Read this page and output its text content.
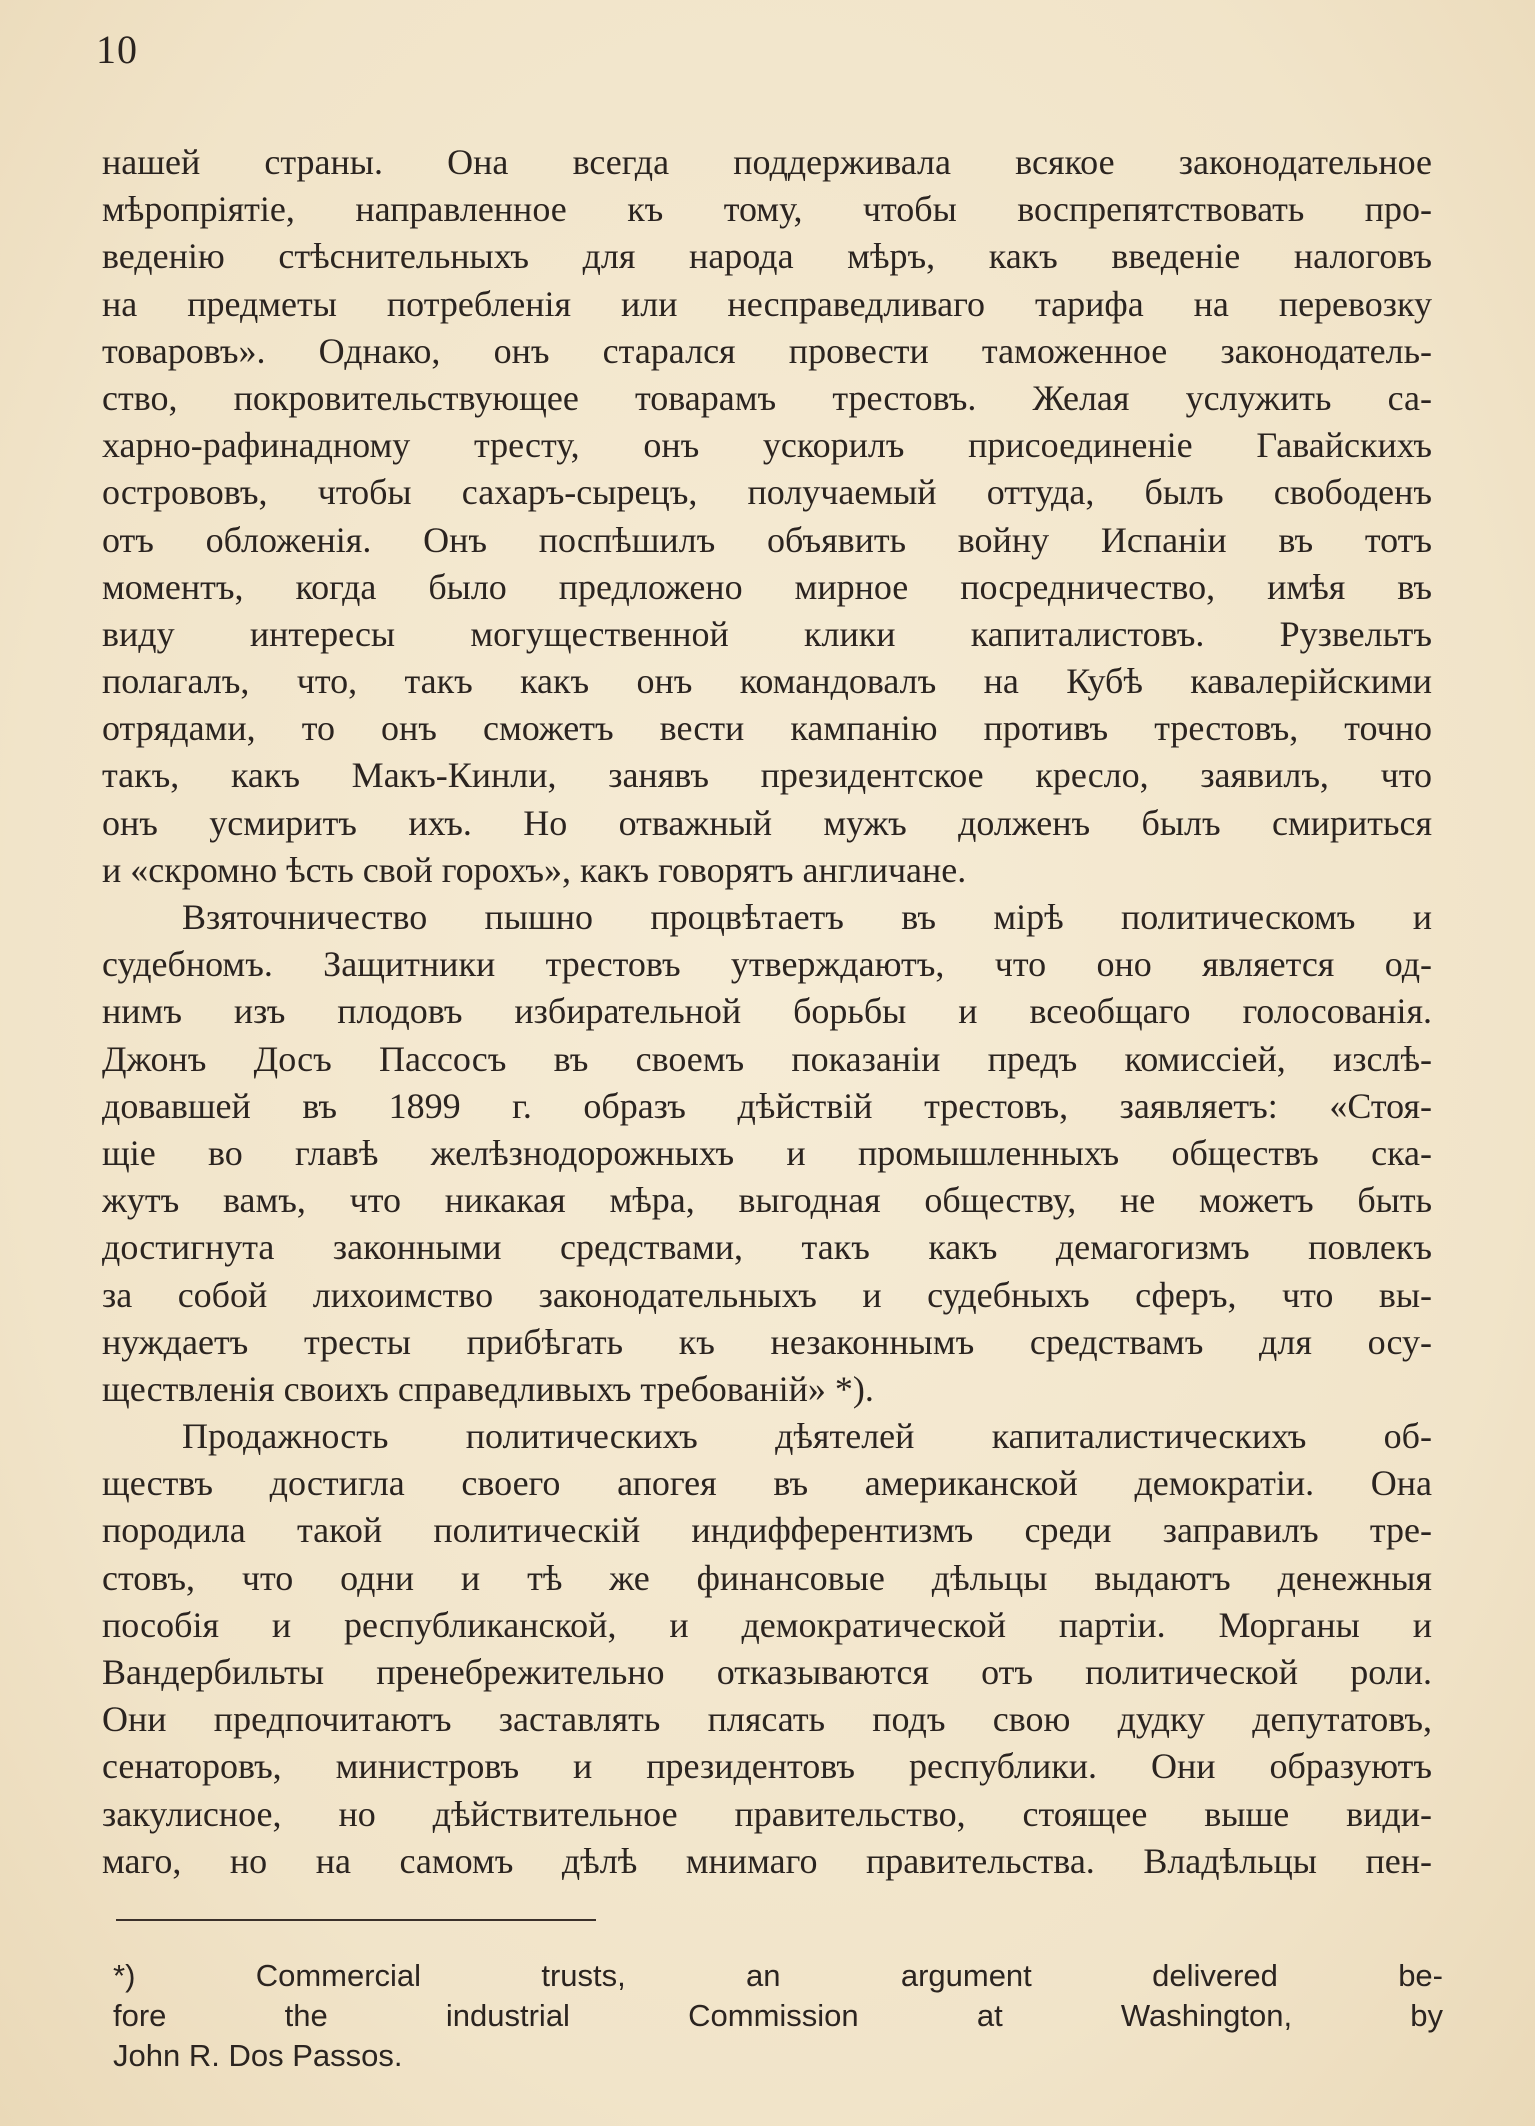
10
нашей страны. Она всегда поддерживала всякое законодательное
мѣропріятіе, направленное къ тому, чтобы воспрепятствовать про-
веденію стѣснительныхъ для народа мѣръ, какъ введеніе налоговъ
на предметы потребленія или несправедливаго тарифа на перевозку
товаровъ». Однако, онъ старался провести таможенное законодатель-
ство, покровительствующее товарамъ трестовъ. Желая услужить са-
харно-рафинадному тресту, онъ ускорилъ присоединеніе Гавайскихъ
острововъ, чтобы сахаръ-сырецъ, получаемый оттуда, былъ свободенъ
отъ обложенія. Онъ поспѣшилъ объявить войну Испаніи въ тотъ
моментъ, когда было предложено мирное посредничество, имѣя въ
виду интересы могущественной клики капиталистовъ. Рузвельтъ
полагалъ, что, такъ какъ онъ командовалъ на Кубѣ кавалерійскими
отрядами, то онъ сможетъ вести кампанію противъ трестовъ, точно
такъ, какъ Макъ-Кинли, занявъ президентское кресло, заявилъ, что
онъ усмиритъ ихъ. Но отважный мужъ долженъ былъ смириться
и «скромно ѣсть свой горохъ», какъ говорятъ англичане.
Взяточничество пышно процвѣтаетъ въ мірѣ политическомъ и
судебномъ. Защитники трестовъ утверждаютъ, что оно является од-
нимъ изъ плодовъ избирательной борьбы и всеобщаго голосованія.
Джонъ Досъ Пассосъ въ своемъ показаніи предъ комиссіей, изслѣ-
довавшей въ 1899 г. образъ дѣйствій трестовъ, заявляетъ: «Стоя-
щіе во главѣ желѣзнодорожныхъ и промышленныхъ обществъ ска-
жутъ вамъ, что никакая мѣра, выгодная обществу, не можетъ быть
достигнута законными средствами, такъ какъ демагогизмъ повлекъ
за собой лихоимство законодательныхъ и судебныхъ сферъ, что вы-
нуждаетъ тресты прибѣгать къ незаконнымъ средствамъ для осу-
ществленія своихъ справедливыхъ требованій» *).
Продажность политическихъ дѣятелей капиталистическихъ об-
ществъ достигла своего апогея въ американской демократіи. Она
породила такой политическій индифферентизмъ среди заправилъ тре-
стовъ, что одни и тѣ же финансовые дѣльцы выдаютъ денежныя
пособія и республиканской, и демократической партіи. Морганы и
Вандербильты пренебрежительно отказываются отъ политической роли.
Они предпочитаютъ заставлять плясать подъ свою дудку депутатовъ,
сенаторовъ, министровъ и президентовъ республики. Они образуютъ
закулисное, но дѣйствительное правительство, стоящее выше види-
маго, но на самомъ дѣлѣ мнимаго правительства. Владѣльцы пен-
*) Commercial trusts, an argument delivered be-
fore the industrial Commission at Washington, by
John R. Dos Passos.
